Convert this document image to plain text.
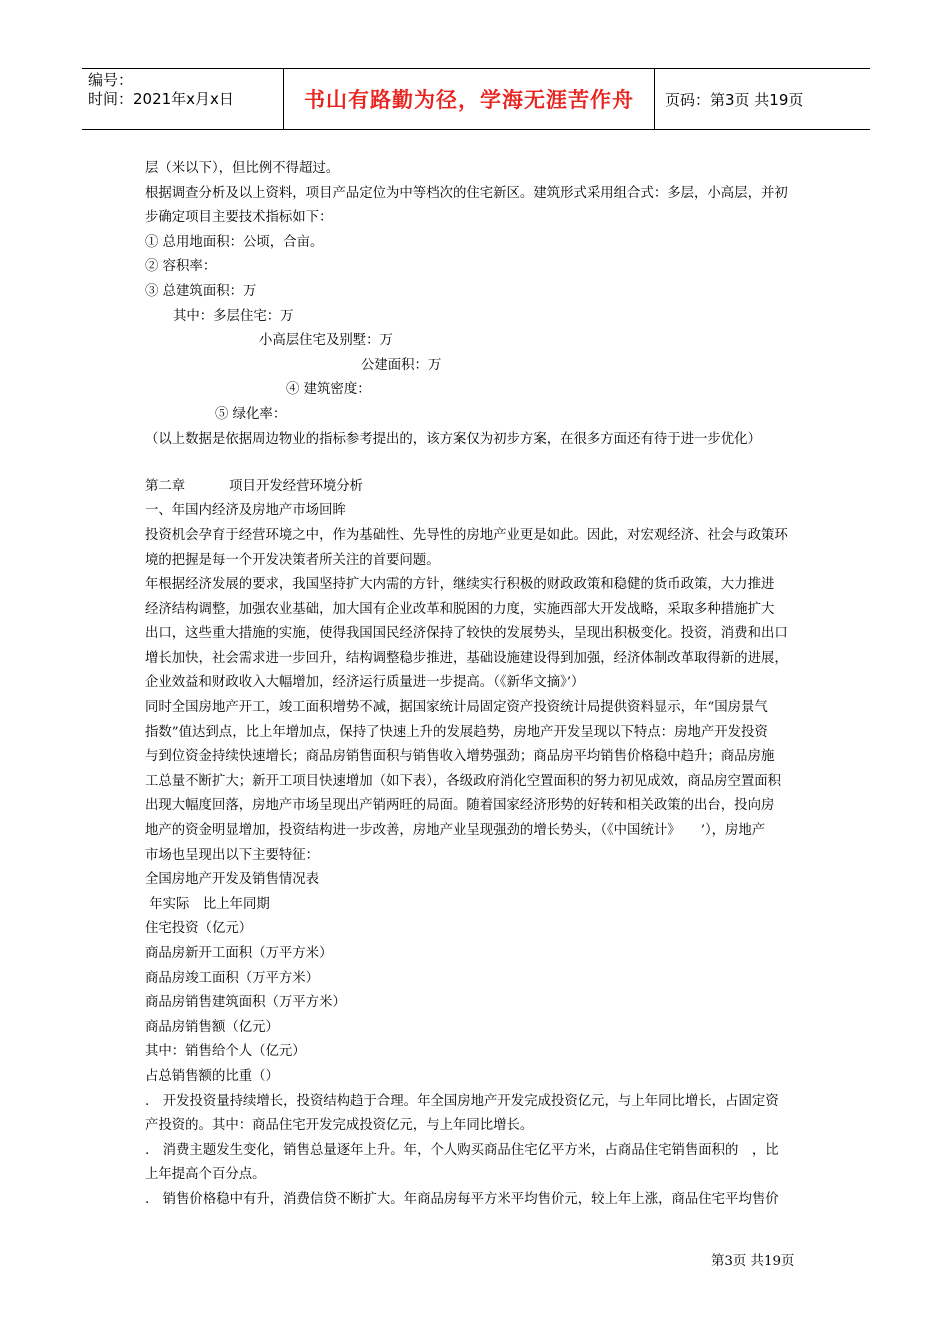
编号：
时间：2021年x月x日	书山有路勤为径，学海无涯苦作舟	页码：第3页 共19页

层（米以下），但比例不得超过。

根据调查分析及以上资料，项目产品定位为中等档次的住宅新区。建筑形式采用组合式：多层，小高层，并初

步确定项目主要技术指标如下：

① 总用地面积：公顷，合亩。

② 容积率：

③ 总建筑面积：万

其中：多层住宅：万

小高层住宅及别墅：万

公建面积：万

④ 建筑密度：

⑤ 绿化率：

（以上数据是依据周边物业的指标参考提出的，该方案仅为初步方案，在很多方面还有待于进一步优化）

第二章	项目开发经营环境分析

一、年国内经济及房地产市场回眸

投资机会孕育于经营环境之中，作为基础性、先导性的房地产业更是如此。因此，对宏观经济、社会与政策环

境的把握是每一个开发决策者所关注的首要问题。

年根据经济发展的要求，我国坚持扩大内需的方针，继续实行积极的财政政策和稳健的货币政策，大力推进

经济结构调整，加强农业基础，加大国有企业改革和脱困的力度，实施西部大开发战略，采取多种措施扩大

出口，这些重大措施的实施，使得我国国民经济保持了较快的发展势头，呈现出积极变化。投资，消费和出口

增长加快，社会需求进一步回升，结构调整稳步推进，基础设施建设得到加强，经济体制改革取得新的进展，

企业效益和财政收入大幅增加，经济运行质量进一步提高。（《新华文摘》’）

同时全国房地产开工，竣工面积增势不减，据国家统计局固定资产投资统计局提供资料显示，年“国房景气

指数”值达到点，比上年增加点，保持了快速上升的发展趋势，房地产开发呈现以下特点：房地产开发投资

与到位资金持续快速增长；商品房销售面积与销售收入增势强劲；商品房平均销售价格稳中趋升；商品房施

工总量不断扩大；新开工项目快速增加（如下表），各级政府消化空置面积的努力初见成效，商品房空置面积

出现大幅度回落，房地产市场呈现出产销两旺的局面。随着国家经济形势的好转和相关政策的出台，投向房

地产的资金明显增加，投资结构进一步改善，房地产业呈现强劲的增长势头，（《中国统计》　　’），房地产

市场也呈现出以下主要特征：

全国房地产开发及销售情况表

年实际　比上年同期

住宅投资（亿元）

商品房新开工面积（万平方米）

商品房竣工面积（万平方米）

商品房销售建筑面积（万平方米）

商品房销售额（亿元）

其中：销售给个人（亿元）

占总销售额的比重（）

.　开发投资量持续增长，投资结构趋于合理。年全国房地产开发完成投资亿元，与上年同比增长，占固定资

产投资的。其中：商品住宅开发完成投资亿元，与上年同比增长。

.　消费主题发生变化，销售总量逐年上升。年，个人购买商品住宅亿平方米，占商品住宅销售面积的　，比

上年提高个百分点。

.　销售价格稳中有升，消费信贷不断扩大。年商品房每平方米平均售价元，较上年上涨，商品住宅平均售价

第3页 共19页
